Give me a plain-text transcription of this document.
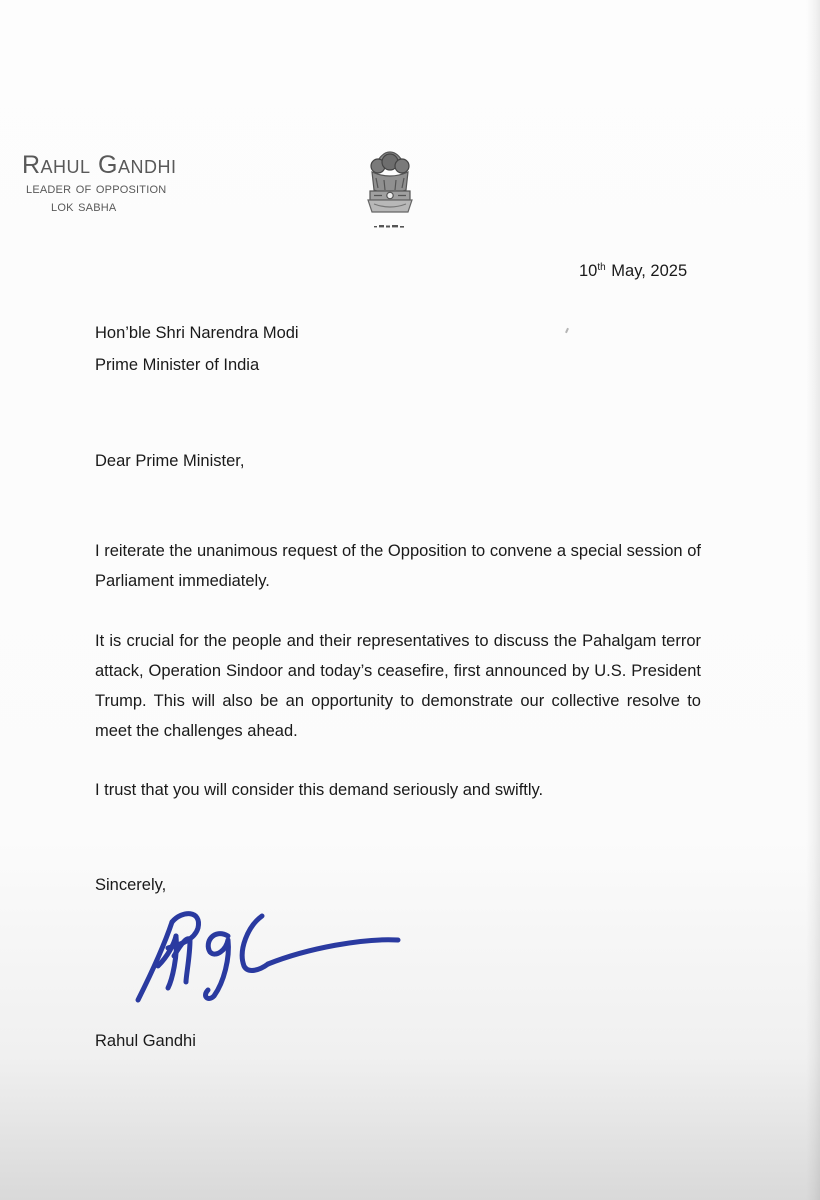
Rahul Gandhi
leader of opposition
lok sabha
10th May, 2025
Hon’ble Shri Narendra Modi
Prime Minister of India
Dear Prime Minister,
I reiterate the unanimous request of the Opposition to convene a special session of Parliament immediately.
It is crucial for the people and their representatives to discuss the Pahalgam terror attack, Operation Sindoor and today’s ceasefire, first announced by U.S. President Trump. This will also be an opportunity to demonstrate our collective resolve to meet the challenges ahead.
I trust that you will consider this demand seriously and swiftly.
Sincerely,
Rahul Gandhi
